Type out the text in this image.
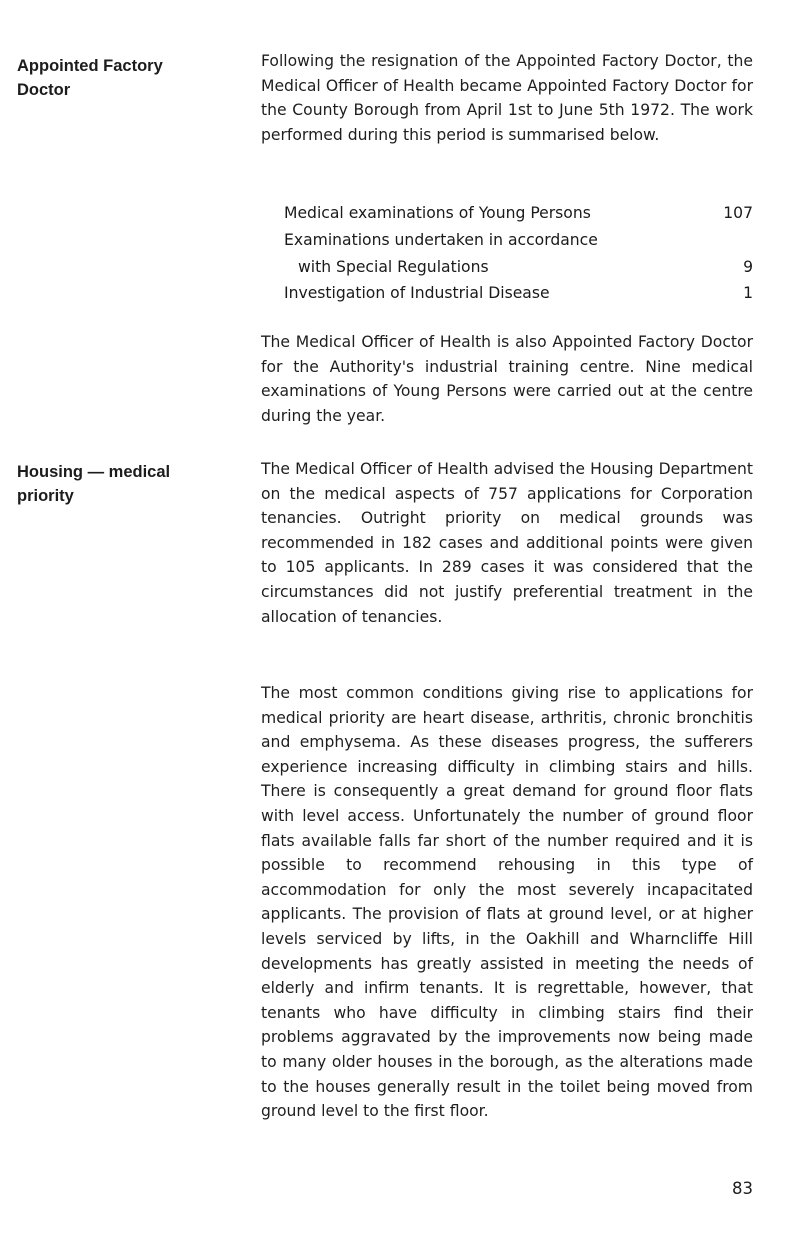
Appointed Factory
Doctor

Following the resignation of the Appointed Factory Doctor, the Medical Officer of Health became Appointed Factory Doctor for the County Borough from April 1st to June 5th 1972. The work performed during this period is summarised below.

Medical examinations of Young Persons	107
Examinations undertaken in accordance
with Special Regulations	9
Investigation of Industrial Disease	1

The Medical Officer of Health is also Appointed Factory Doctor for the Authority's industrial training centre. Nine medical examinations of Young Persons were carried out at the centre during the year.

Housing — medical
priority

The Medical Officer of Health advised the Housing Department on the medical aspects of 757 applications for Corporation tenancies. Outright priority on medical grounds was recommended in 182 cases and additional points were given to 105 applicants. In 289 cases it was considered that the circumstances did not justify preferential treatment in the allocation of tenancies.

The most common conditions giving rise to applications for medical priority are heart disease, arthritis, chronic bronchitis and emphysema. As these diseases progress, the sufferers experience increasing difficulty in climbing stairs and hills. There is consequently a great demand for ground floor flats with level access. Unfortunately the number of ground floor flats available falls far short of the number required and it is possible to recommend rehousing in this type of accommodation for only the most severely incapacitated applicants. The provision of flats at ground level, or at higher levels serviced by lifts, in the Oakhill and Wharncliffe Hill developments has greatly assisted in meeting the needs of elderly and infirm tenants. It is regrettable, however, that tenants who have difficulty in climbing stairs find their problems aggravated by the improvements now being made to many older houses in the borough, as the alterations made to the houses generally result in the toilet being moved from ground level to the first floor.

83
